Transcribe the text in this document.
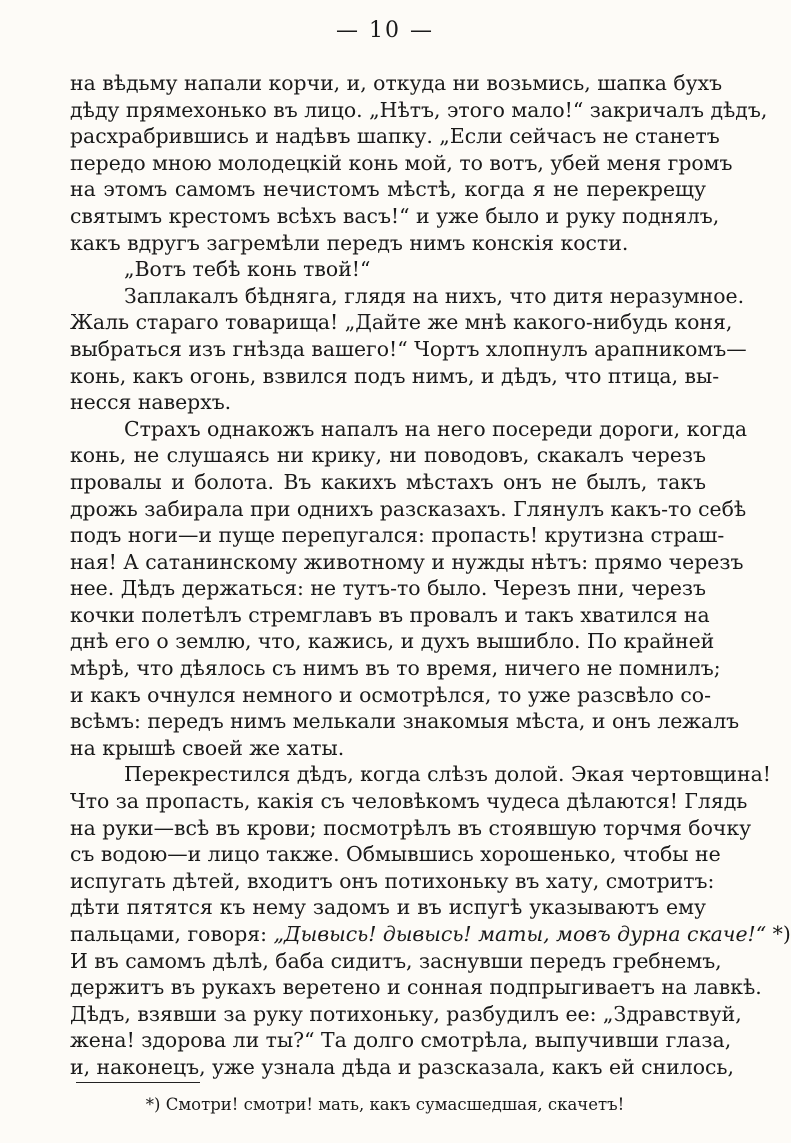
— 10 —
на вѣдьму напали корчи, и, откуда ни возьмись, шапка бухъ
дѣду прямехонько въ лицо. „Нѣтъ, этого мало!“ закричалъ дѣдъ,
расхрабрившись и надѣвъ шапку. „Если сейчасъ не станетъ
передо мною молодецкій конь мой, то вотъ, убей меня громъ
на этомъ самомъ нечистомъ мѣстѣ, когда я не перекрещу
святымъ крестомъ всѣхъ васъ!“ и уже было и руку поднялъ,
какъ вдругъ загремѣли передъ нимъ конскія кости.
„Вотъ тебѣ конь твой!“
Заплакалъ бѣдняга, глядя на нихъ, что дитя неразумное.
Жаль стараго товарища! „Дайте же мнѣ какого-нибудь коня,
выбраться изъ гнѣзда вашего!“ Чортъ хлопнулъ арапникомъ—
конь, какъ огонь, взвился подъ нимъ, и дѣдъ, что птица, вы-
несся наверхъ.
Страхъ однакожъ напалъ на него посереди дороги, когда
конь, не слушаясь ни крику, ни поводовъ, скакалъ черезъ
провалы и болота. Въ какихъ мѣстахъ онъ не былъ, такъ
дрожь забирала при однихъ разсказахъ. Глянулъ какъ-то себѣ
подъ ноги—и пуще перепугался: пропасть! крутизна страш-
ная! А сатанинскому животному и нужды нѣтъ: прямо черезъ
нее. Дѣдъ держаться: не тутъ-то было. Черезъ пни, черезъ
кочки полетѣлъ стремглавъ въ провалъ и такъ хватился на
днѣ его о землю, что, кажись, и духъ вышибло. По крайней
мѣрѣ, что дѣялось съ нимъ въ то время, ничего не помнилъ;
и какъ очнулся немного и осмотрѣлся, то уже разсвѣло со-
всѣмъ: передъ нимъ мелькали знакомыя мѣста, и онъ лежалъ
на крышѣ своей же хаты.
Перекрестился дѣдъ, когда слѣзъ долой. Экая чертовщина!
Что за пропасть, какія съ человѣкомъ чудеса дѣлаются! Глядь
на руки—всѣ въ крови; посмотрѣлъ въ стоявшую торчмя бочку
съ водою—и лицо также. Обмывшись хорошенько, чтобы не
испугать дѣтей, входитъ онъ потихоньку въ хату, смотритъ:
дѣти пятятся къ нему задомъ и въ испугѣ указываютъ ему
пальцами, говоря: „Дывысь! дывысь! маты, мовъ дурна скаче!“ *)
И въ самомъ дѣлѣ, баба сидитъ, заснувши передъ гребнемъ,
держитъ въ рукахъ веретено и сонная подпрыгиваетъ на лавкѣ.
Дѣдъ, взявши за руку потихоньку, разбудилъ ее: „Здравствуй,
жена! здорова ли ты?“ Та долго смотрѣла, выпучивши глаза,
и, наконецъ, уже узнала дѣда и разсказала, какъ ей снилось,
*) Смотри! смотри! мать, какъ сумасшедшая, скачетъ!
